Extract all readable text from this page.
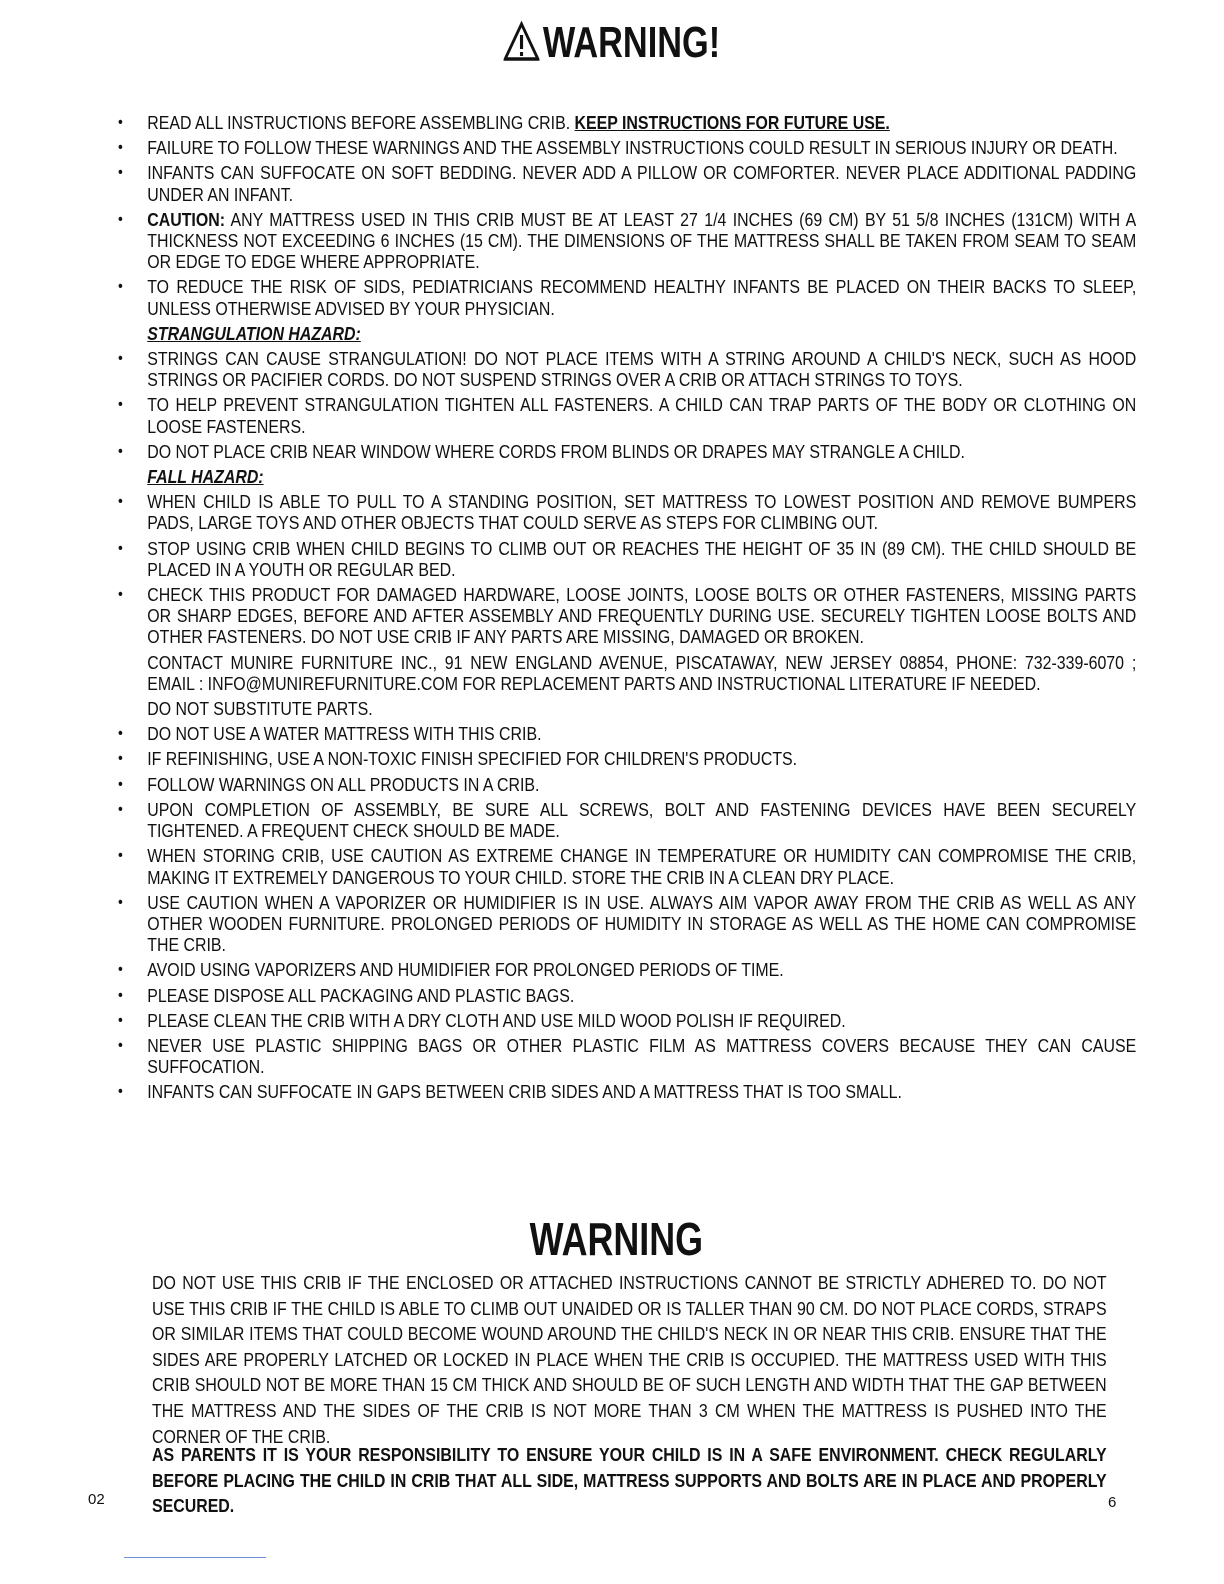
WARNING!
• READ ALL INSTRUCTIONS BEFORE ASSEMBLING CRIB. KEEP INSTRUCTIONS FOR FUTURE USE.
• FAILURE TO FOLLOW THESE WARNINGS AND THE ASSEMBLY INSTRUCTIONS COULD RESULT IN SERIOUS INJURY OR DEATH.
• INFANTS CAN SUFFOCATE ON SOFT BEDDING. NEVER ADD A PILLOW OR COMFORTER. NEVER PLACE ADDITIONAL PADDING UNDER AN INFANT.
• CAUTION: ANY MATTRESS USED IN THIS CRIB MUST BE AT LEAST 27 1/4 INCHES (69 CM) BY 51 5/8 INCHES (131CM) WITH A THICKNESS NOT EXCEEDING 6 INCHES (15 CM). THE DIMENSIONS OF THE MATTRESS SHALL BE TAKEN FROM SEAM TO SEAM OR EDGE TO EDGE WHERE APPROPRIATE.
• TO REDUCE THE RISK OF SIDS, PEDIATRICIANS RECOMMEND HEALTHY INFANTS BE PLACED ON THEIR BACKS TO SLEEP, UNLESS OTHERWISE ADVISED BY YOUR PHYSICIAN.
STRANGULATION HAZARD:
• STRINGS CAN CAUSE STRANGULATION! DO NOT PLACE ITEMS WITH A STRING AROUND A CHILD'S NECK, SUCH AS HOOD STRINGS OR PACIFIER CORDS. DO NOT SUSPEND STRINGS OVER A CRIB OR ATTACH STRINGS TO TOYS.
• TO HELP PREVENT STRANGULATION TIGHTEN ALL FASTENERS. A CHILD CAN TRAP PARTS OF THE BODY OR CLOTHING ON LOOSE FASTENERS.
• DO NOT PLACE CRIB NEAR WINDOW WHERE CORDS FROM BLINDS OR DRAPES MAY STRANGLE A CHILD.
FALL HAZARD:
• WHEN CHILD IS ABLE TO PULL TO A STANDING POSITION, SET MATTRESS TO LOWEST POSITION AND REMOVE BUMPERS PADS, LARGE TOYS AND OTHER OBJECTS THAT COULD SERVE AS STEPS FOR CLIMBING OUT.
• STOP USING CRIB WHEN CHILD BEGINS TO CLIMB OUT OR REACHES THE HEIGHT OF 35 IN (89 CM). THE CHILD SHOULD BE PLACED IN A YOUTH OR REGULAR BED.
• CHECK THIS PRODUCT FOR DAMAGED HARDWARE, LOOSE JOINTS, LOOSE BOLTS OR OTHER FASTENERS, MISSING PARTS OR SHARP EDGES, BEFORE AND AFTER ASSEMBLY AND FREQUENTLY DURING USE. SECURELY TIGHTEN LOOSE BOLTS AND OTHER FASTENERS. DO NOT USE CRIB IF ANY PARTS ARE MISSING, DAMAGED OR BROKEN.
CONTACT MUNIRE FURNITURE INC., 91 NEW ENGLAND AVENUE, PISCATAWAY, NEW JERSEY 08854, PHONE: 732-339-6070 ; EMAIL : INFO@MUNIREFURNITURE.COM FOR REPLACEMENT PARTS AND INSTRUCTIONAL LITERATURE IF NEEDED.
DO NOT SUBSTITUTE PARTS.
• DO NOT USE A WATER MATTRESS WITH THIS CRIB.
• IF REFINISHING, USE A NON-TOXIC FINISH SPECIFIED FOR CHILDREN'S PRODUCTS.
• FOLLOW WARNINGS ON ALL PRODUCTS IN A CRIB.
• UPON COMPLETION OF ASSEMBLY, BE SURE ALL SCREWS, BOLT AND FASTENING DEVICES HAVE BEEN SECURELY TIGHTENED. A FREQUENT CHECK SHOULD BE MADE.
• WHEN STORING CRIB, USE CAUTION AS EXTREME CHANGE IN TEMPERATURE OR HUMIDITY CAN COMPROMISE THE CRIB, MAKING IT EXTREMELY DANGEROUS TO YOUR CHILD. STORE THE CRIB IN A CLEAN DRY PLACE.
• USE CAUTION WHEN A VAPORIZER OR HUMIDIFIER IS IN USE. ALWAYS AIM VAPOR AWAY FROM THE CRIB AS WELL AS ANY OTHER WOODEN FURNITURE. PROLONGED PERIODS OF HUMIDITY IN STORAGE AS WELL AS THE HOME CAN COMPROMISE THE CRIB.
• AVOID USING VAPORIZERS AND HUMIDIFIER FOR PROLONGED PERIODS OF TIME.
• PLEASE DISPOSE ALL PACKAGING AND PLASTIC BAGS.
• PLEASE CLEAN THE CRIB WITH A DRY CLOTH AND USE MILD WOOD POLISH IF REQUIRED.
• NEVER USE PLASTIC SHIPPING BAGS OR OTHER PLASTIC FILM AS MATTRESS COVERS BECAUSE THEY CAN CAUSE SUFFOCATION.
• INFANTS CAN SUFFOCATE IN GAPS BETWEEN CRIB SIDES AND A MATTRESS THAT IS TOO SMALL.
WARNING
DO NOT USE THIS CRIB IF THE ENCLOSED OR ATTACHED INSTRUCTIONS CANNOT BE STRICTLY ADHERED TO. DO NOT USE THIS CRIB IF THE CHILD IS ABLE TO CLIMB OUT UNAIDED OR IS TALLER THAN 90 CM. DO NOT PLACE CORDS, STRAPS OR SIMILAR ITEMS THAT COULD BECOME WOUND AROUND THE CHILD'S NECK IN OR NEAR THIS CRIB. ENSURE THAT THE SIDES ARE PROPERLY LATCHED OR LOCKED IN PLACE WHEN THE CRIB IS OCCUPIED. THE MATTRESS USED WITH THIS CRIB SHOULD NOT BE MORE THAN 15 CM THICK AND SHOULD BE OF SUCH LENGTH AND WIDTH THAT THE GAP BETWEEN THE MATTRESS AND THE SIDES OF THE CRIB IS NOT MORE THAN 3 CM WHEN THE MATTRESS IS PUSHED INTO THE CORNER OF THE CRIB.
AS PARENTS IT IS YOUR RESPONSIBILITY TO ENSURE YOUR CHILD IS IN A SAFE ENVIRONMENT. CHECK REGULARLY BEFORE PLACING THE CHILD IN CRIB THAT ALL SIDE, MATTRESS SUPPORTS AND BOLTS ARE IN PLACE AND PROPERLY SECURED.
02	6
